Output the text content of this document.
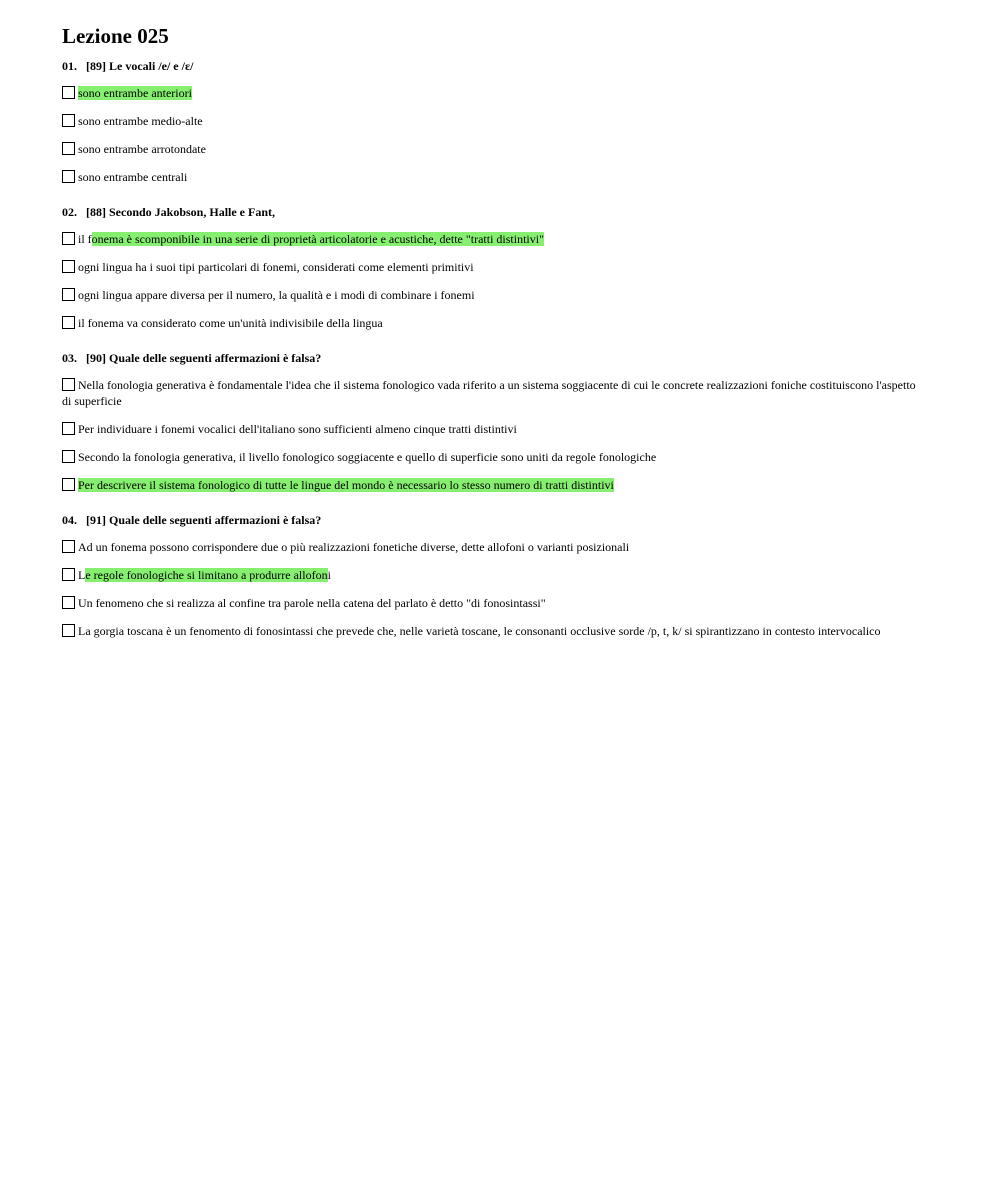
Lezione 025
01. [89] Le vocali /e/ e /ɛ/
sono entrambe anteriori
sono entrambe medio-alte
sono entrambe arrotondate
sono entrambe centrali
02. [88] Secondo Jakobson, Halle e Fant,
il fonema è scomponibile in una serie di proprietà articolatorie e acustiche, dette "tratti distintivi"
ogni lingua ha i suoi tipi particolari di fonemi, considerati come elementi primitivi
ogni lingua appare diversa per il numero, la qualità e i modi di combinare i fonemi
il fonema va considerato come un'unità indivisibile della lingua
03. [90] Quale delle seguenti affermazioni è falsa?
Nella fonologia generativa è fondamentale l'idea che il sistema fonologico vada riferito a un sistema soggiacente di cui le concrete realizzazioni foniche costituiscono l'aspetto di superficie
Per individuare i fonemi vocalici dell'italiano sono sufficienti almeno cinque tratti distintivi
Secondo la fonologia generativa, il livello fonologico soggiacente e quello di superficie sono uniti da regole fonologiche
Per descrivere il sistema fonologico di tutte le lingue del mondo è necessario lo stesso numero di tratti distintivi
04. [91] Quale delle seguenti affermazioni è falsa?
Ad un fonema possono corrispondere due o più realizzazioni fonetiche diverse, dette allofoni o varianti posizionali
Le regole fonologiche si limitano a produrre allofoni
Un fenomeno che si realizza al confine tra parole nella catena del parlato è detto "di fonosintassi"
La gorgia toscana è un fenomento di fonosintassi che prevede che, nelle varietà toscane, le consonanti occlusive sorde /p, t, k/ si spirantizzano in contesto intervocalico
